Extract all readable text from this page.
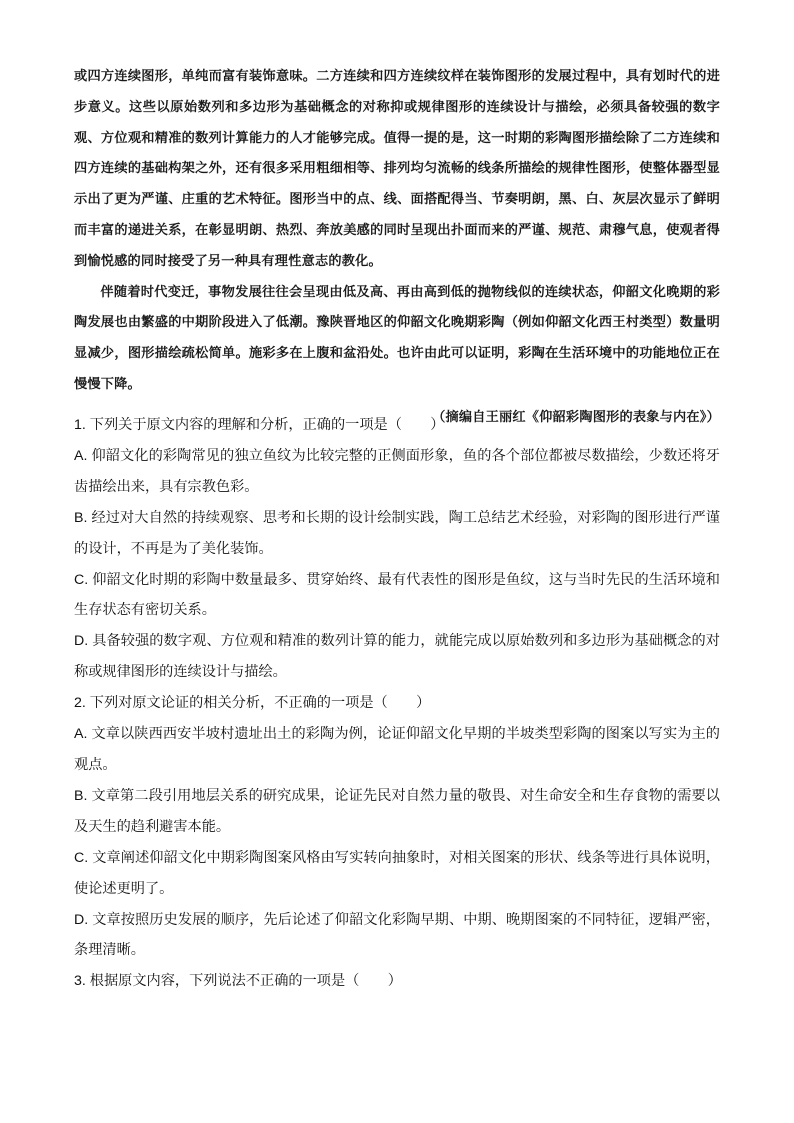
或四方连续图形，单纯而富有装饰意味。二方连续和四方连续纹样在装饰图形的发展过程中，具有划时代的进步意义。这些以原始数列和多边形为基础概念的对称抑或规律图形的连续设计与描绘，必须具备较强的数字观、方位观和精准的数列计算能力的人才能够完成。值得一提的是，这一时期的彩陶图形描绘除了二方连续和四方连续的基础构架之外，还有很多采用粗细相等、排列均匀流畅的线条所描绘的规律性图形，使整体器型显示出了更为严谨、庄重的艺术特征。图形当中的点、线、面搭配得当、节奏明朗，黑、白、灰层次显示了鲜明而丰富的递进关系，在彰显明朗、热烈、奔放美感的同时呈现出扑面而来的严谨、规范、肃穆气息，使观者得到愉悦感的同时接受了另一种具有理性意志的教化。

伴随着时代变迁，事物发展往往会呈现由低及高、再由高到低的抛物线似的连续状态，仰韶文化晚期的彩陶发展也由繁盛的中期阶段进入了低潮。豫陕晋地区的仰韶文化晚期彩陶（例如仰韶文化西王村类型）数量明显减少，图形描绘疏松简单。施彩多在上腹和盆沿处。也许由此可以证明，彩陶在生活环境中的功能地位正在慢慢下降。

（摘编自王丽红《仰韶彩陶图形的表象与内在》）

1. 下列关于原文内容的理解和分析，正确的一项是（　　）

A. 仰韶文化的彩陶常见的独立鱼纹为比较完整的正侧面形象，鱼的各个部位都被尽数描绘，少数还将牙齿描绘出来，具有宗教色彩。

B. 经过对大自然的持续观察、思考和长期的设计绘制实践，陶工总结艺术经验，对彩陶的图形进行严谨的设计，不再是为了美化装饰。

C. 仰韶文化时期的彩陶中数量最多、贯穿始终、最有代表性的图形是鱼纹，这与当时先民的生活环境和生存状态有密切关系。

D. 具备较强的数字观、方位观和精准的数列计算的能力，就能完成以原始数列和多边形为基础概念的对称或规律图形的连续设计与描绘。

2. 下列对原文论证的相关分析，不正确的一项是（　　）

A. 文章以陕西西安半坡村遗址出土的彩陶为例，论证仰韶文化早期的半坡类型彩陶的图案以写实为主的观点。

B. 文章第二段引用地层关系的研究成果，论证先民对自然力量的敬畏、对生命安全和生存食物的需要以及天生的趋利避害本能。

C. 文章阐述仰韶文化中期彩陶图案风格由写实转向抽象时，对相关图案的形状、线条等进行具体说明，使论述更明了。

D. 文章按照历史发展的顺序，先后论述了仰韶文化彩陶早期、中期、晚期图案的不同特征，逻辑严密，条理清晰。

3. 根据原文内容，下列说法不正确的一项是（　　）
